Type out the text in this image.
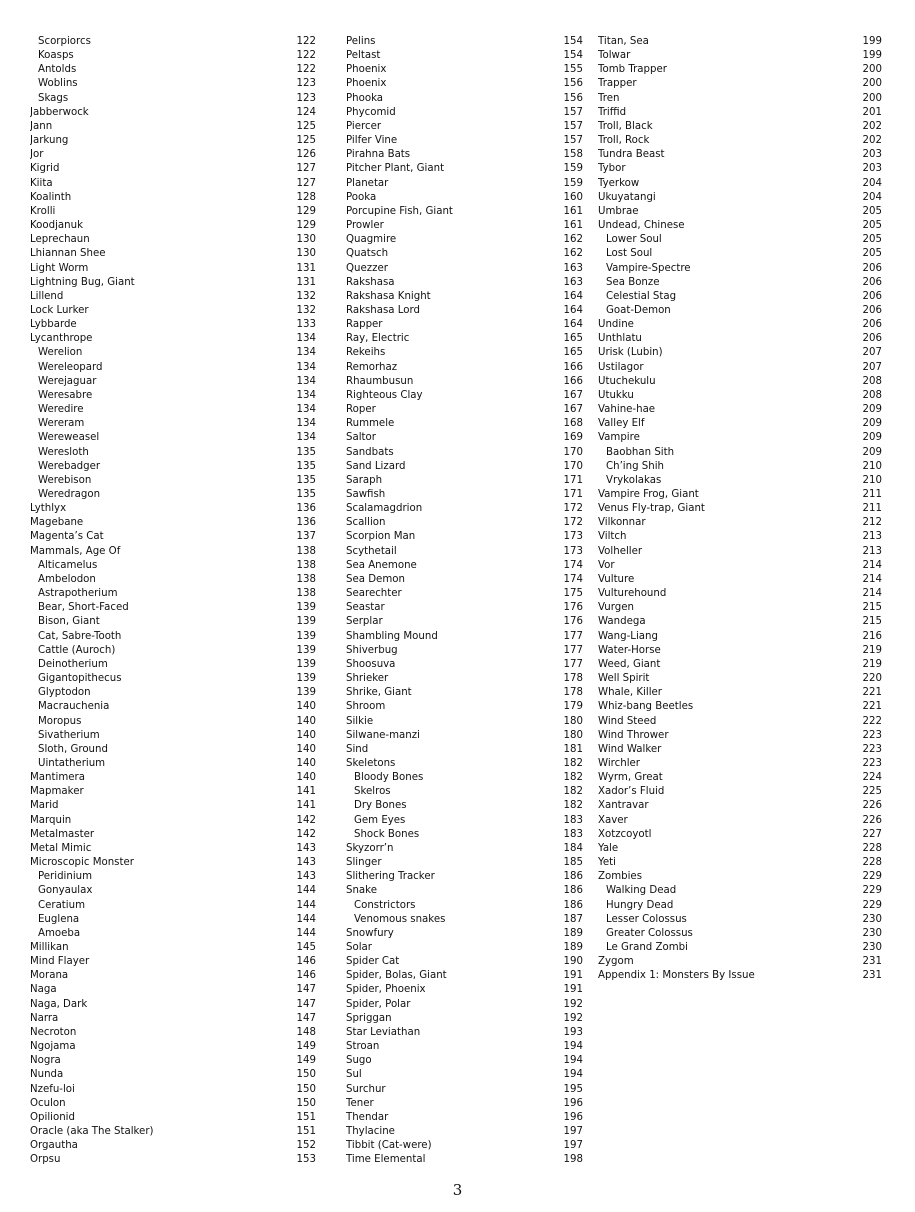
Scorpiorcs	122
Koasps	122
Antolds	122
Woblins	123
Skags	123
Jabberwock	124
Jann	125
Jarkung	125
Jor	126
Kigrid	127
Kiita	127
Koalinth	128
Krolli	129
Koodjanuk	129
Leprechaun	130
Lhiannan Shee	130
Light Worm	131
Lightning Bug, Giant	131
Lillend	132
Lock Lurker	132
Lybbarde	133
Lycanthrope	134
Werelion	134
Wereleopard	134
Werejaguar	134
Weresabre	134
Weredire	134
Wereram	134
Wereweasel	134
Weresloth	135
Werebadger	135
Werebison	135
Weredragon	135
Lythlyx	136
Magebane	136
Magenta’s Cat	137
Mammals, Age Of	138
Alticamelus	138
Ambelodon	138
Astrapotherium	138
Bear, Short-Faced	139
Bison, Giant	139
Cat, Sabre-Tooth	139
Cattle (Auroch)	139
Deinotherium	139
Gigantopithecus	139
Glyptodon	139
Macrauchenia	140
Moropus	140
Sivatherium	140
Sloth, Ground	140
Uintatherium	140
Mantimera	140
Mapmaker	141
Marid	141
Marquin	142
Metalmaster	142
Metal Mimic	143
Microscopic Monster	143
Peridinium	143
Gonyaulax	144
Ceratium	144
Euglena	144
Amoeba	144
Millikan	145
Mind Flayer	146
Morana	146
Naga	147
Naga, Dark	147
Narra	147
Necroton	148
Ngojama	149
Nogra	149
Nunda	150
Nzefu-loi	150
Oculon	150
Opilionid	151
Oracle (aka The Stalker)	151
Orgautha	152
Orpsu	153
Pelins	154
Peltast	154
Phoenix	155
Phoenix	156
Phooka	156
Phycomid	157
Piercer	157
Pilfer Vine	157
Pirahna Bats	158
Pitcher Plant, Giant	159
Planetar	159
Pooka	160
Porcupine Fish, Giant	161
Prowler	161
Quagmire	162
Quatsch	162
Quezzer	163
Rakshasa	163
Rakshasa Knight	164
Rakshasa Lord	164
Rapper	164
Ray, Electric	165
Rekeihs	165
Remorhaz	166
Rhaumbusun	166
Righteous Clay	167
Roper	167
Rummele	168
Saltor	169
Sandbats	170
Sand Lizard	170
Saraph	171
Sawfish	171
Scalamagdrion	172
Scallion	172
Scorpion Man	173
Scythetail	173
Sea Anemone	174
Sea Demon	174
Searechter	175
Seastar	176
Serplar	176
Shambling Mound	177
Shiverbug	177
Shoosuva	177
Shrieker	178
Shrike, Giant	178
Shroom	179
Silkie	180
Silwane-manzi	180
Sind	181
Skeletons	182
Bloody Bones	182
Skelros	182
Dry Bones	182
Gem Eyes	183
Shock Bones	183
Skyzorr’n	184
Slinger	185
Slithering Tracker	186
Snake	186
Constrictors	186
Venomous snakes	187
Snowfury	189
Solar	189
Spider Cat	190
Spider, Bolas, Giant	191
Spider, Phoenix	191
Spider, Polar	192
Spriggan	192
Star Leviathan	193
Stroan	194
Sugo	194
Sul	194
Surchur	195
Tener	196
Thendar	196
Thylacine	197
Tibbit (Cat-were)	197
Time Elemental	198
Titan, Sea	199
Tolwar	199
Tomb Trapper	200
Trapper	200
Tren	200
Triffid	201
Troll, Black	202
Troll, Rock	202
Tundra Beast	203
Tybor	203
Tyerkow	204
Ukuyatangi	204
Umbrae	205
Undead, Chinese	205
Lower Soul	205
Lost Soul	205
Vampire-Spectre	206
Sea Bonze	206
Celestial Stag	206
Goat-Demon	206
Undine	206
Unthlatu	206
Urisk (Lubin)	207
Ustilagor	207
Utuchekulu	208
Utukku	208
Vahine-hae	209
Valley Elf	209
Vampire	209
Baobhan Sith	209
Ch’ing Shih	210
Vrykolakas	210
Vampire Frog, Giant	211
Venus Fly-trap, Giant	211
Vilkonnar	212
Viltch	213
Volheller	213
Vor	214
Vulture	214
Vulturehound	214
Vurgen	215
Wandega	215
Wang-Liang	216
Water-Horse	219
Weed, Giant	219
Well Spirit	220
Whale, Killer	221
Whiz-bang Beetles	221
Wind Steed	222
Wind Thrower	223
Wind Walker	223
Wirchler	223
Wyrm, Great	224
Xador’s Fluid	225
Xantravar	226
Xaver	226
Xotzcoyotl	227
Yale	228
Yeti	228
Zombies	229
Walking Dead	229
Hungry Dead	229
Lesser Colossus	230
Greater Colossus	230
Le Grand Zombi	230
Zygom	231
Appendix 1: Monsters By Issue	231
3
